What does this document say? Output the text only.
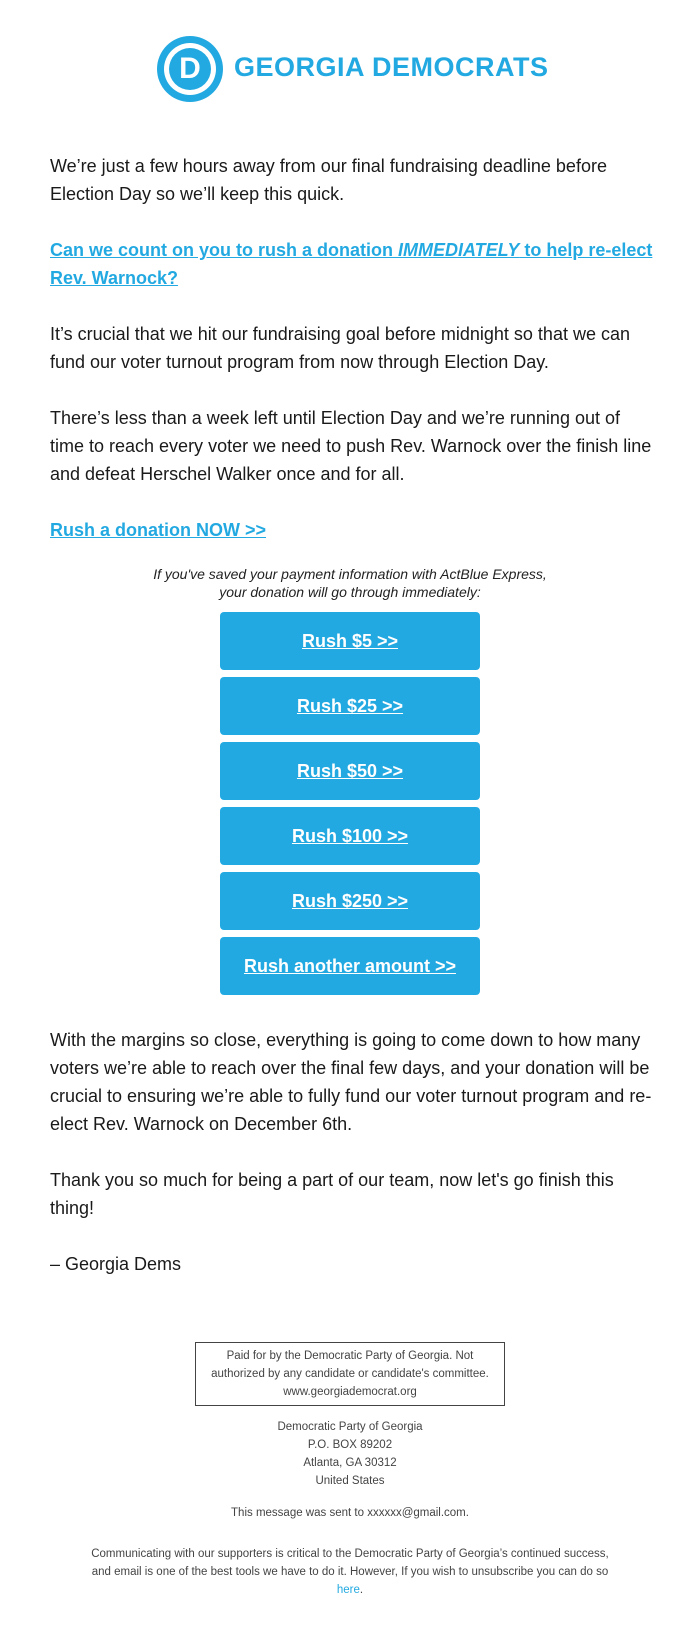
D	GEORGIA DEMOCRATS

We’re just a few hours away from our final fundraising deadline before Election Day so we’ll keep this quick.

Can we count on you to rush a donation IMMEDIATELY to help re-elect Rev. Warnock?

It’s crucial that we hit our fundraising goal before midnight so that we can fund our voter turnout program from now through Election Day.

There’s less than a week left until Election Day and we’re running out of time to reach every voter we need to push Rev. Warnock over the finish line and defeat Herschel Walker once and for all.

Rush a donation NOW >>
If you've saved your payment information with ActBlue Express,
your donation will go through immediately:
Rush $5 >>
Rush $25 >>
Rush $50 >>
Rush $100 >>
Rush $250 >>
Rush another amount >>

With the margins so close, everything is going to come down to how many voters we’re able to reach over the final few days, and your donation will be crucial to ensuring we’re able to fully fund our voter turnout program and re-elect Rev. Warnock on December 6th.

Thank you so much for being a part of our team, now let's go finish this thing!

– Georgia Dems

Paid for by the Democratic Party of Georgia. Not
authorized by any candidate or candidate's committee.
www.georgiademocrat.org
Democratic Party of Georgia
P.O. BOX 89202
Atlanta, GA 30312
United States
This message was sent to xxxxxx@gmail.com.
Communicating with our supporters is critical to the Democratic Party of Georgia’s continued success, and email is one of the best tools we have to do it. However, If you wish to unsubscribe you can do so here.
